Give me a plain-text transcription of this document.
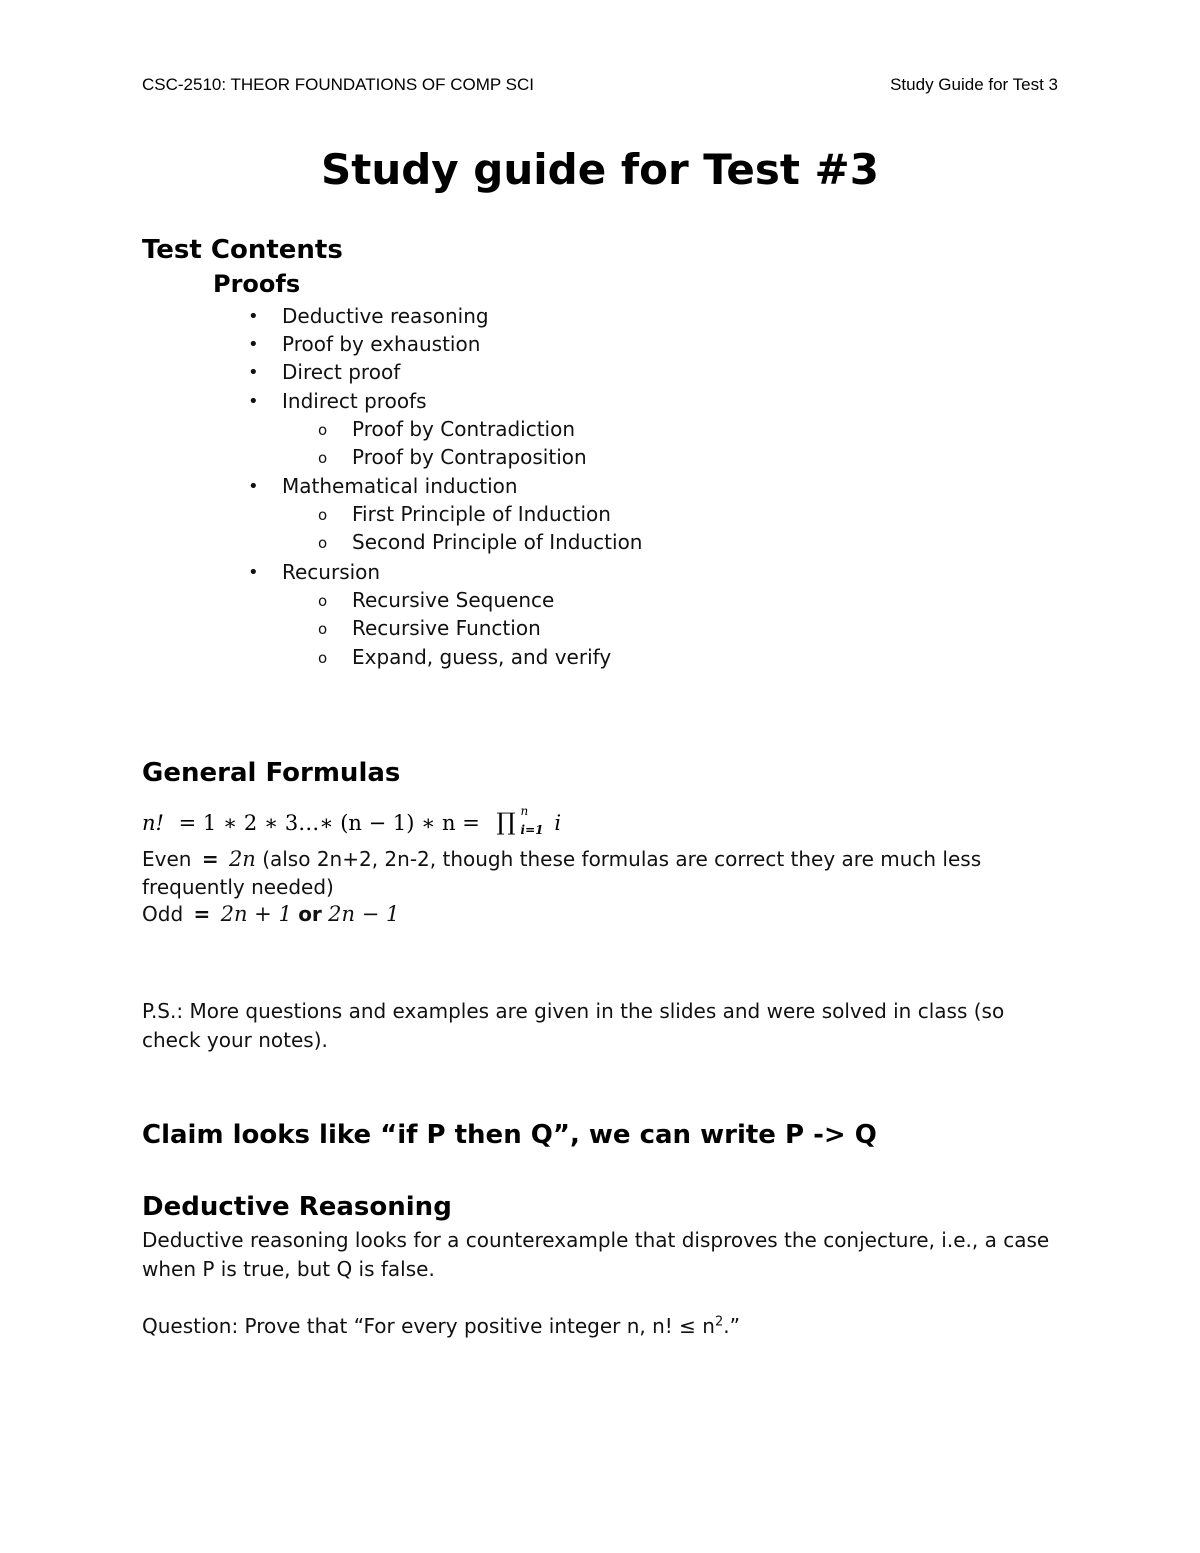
CSC-2510: THEOR FOUNDATIONS OF COMP SCI	Study Guide for Test 3
Study guide for Test #3
Test Contents
Proofs
• Deductive reasoning
• Proof by exhaustion
• Direct proof
• Indirect proofs
o Proof by Contradiction
o Proof by Contraposition
• Mathematical induction
o First Principle of Induction
o Second Principle of Induction
• Recursion
o Recursive Sequence
o Recursive Function
o Expand, guess, and verify
General Formulas
n! = 1 ∗ 2 ∗ 3…∗ (n − 1) ∗ n = ∏ n
i=1 i
Even = 2n (also 2n+2, 2n-2, though these formulas are correct they are much less frequently needed)
Odd = 2n + 1 or 2n − 1
P.S.: More questions and examples are given in the slides and were solved in class (so check your notes).
Claim looks like “if P then Q”, we can write P -> Q
Deductive Reasoning
Deductive reasoning looks for a counterexample that disproves the conjecture, i.e., a case when P is true, but Q is false.
Question: Prove that “For every positive integer n, n! ≤ $n^2$.”
